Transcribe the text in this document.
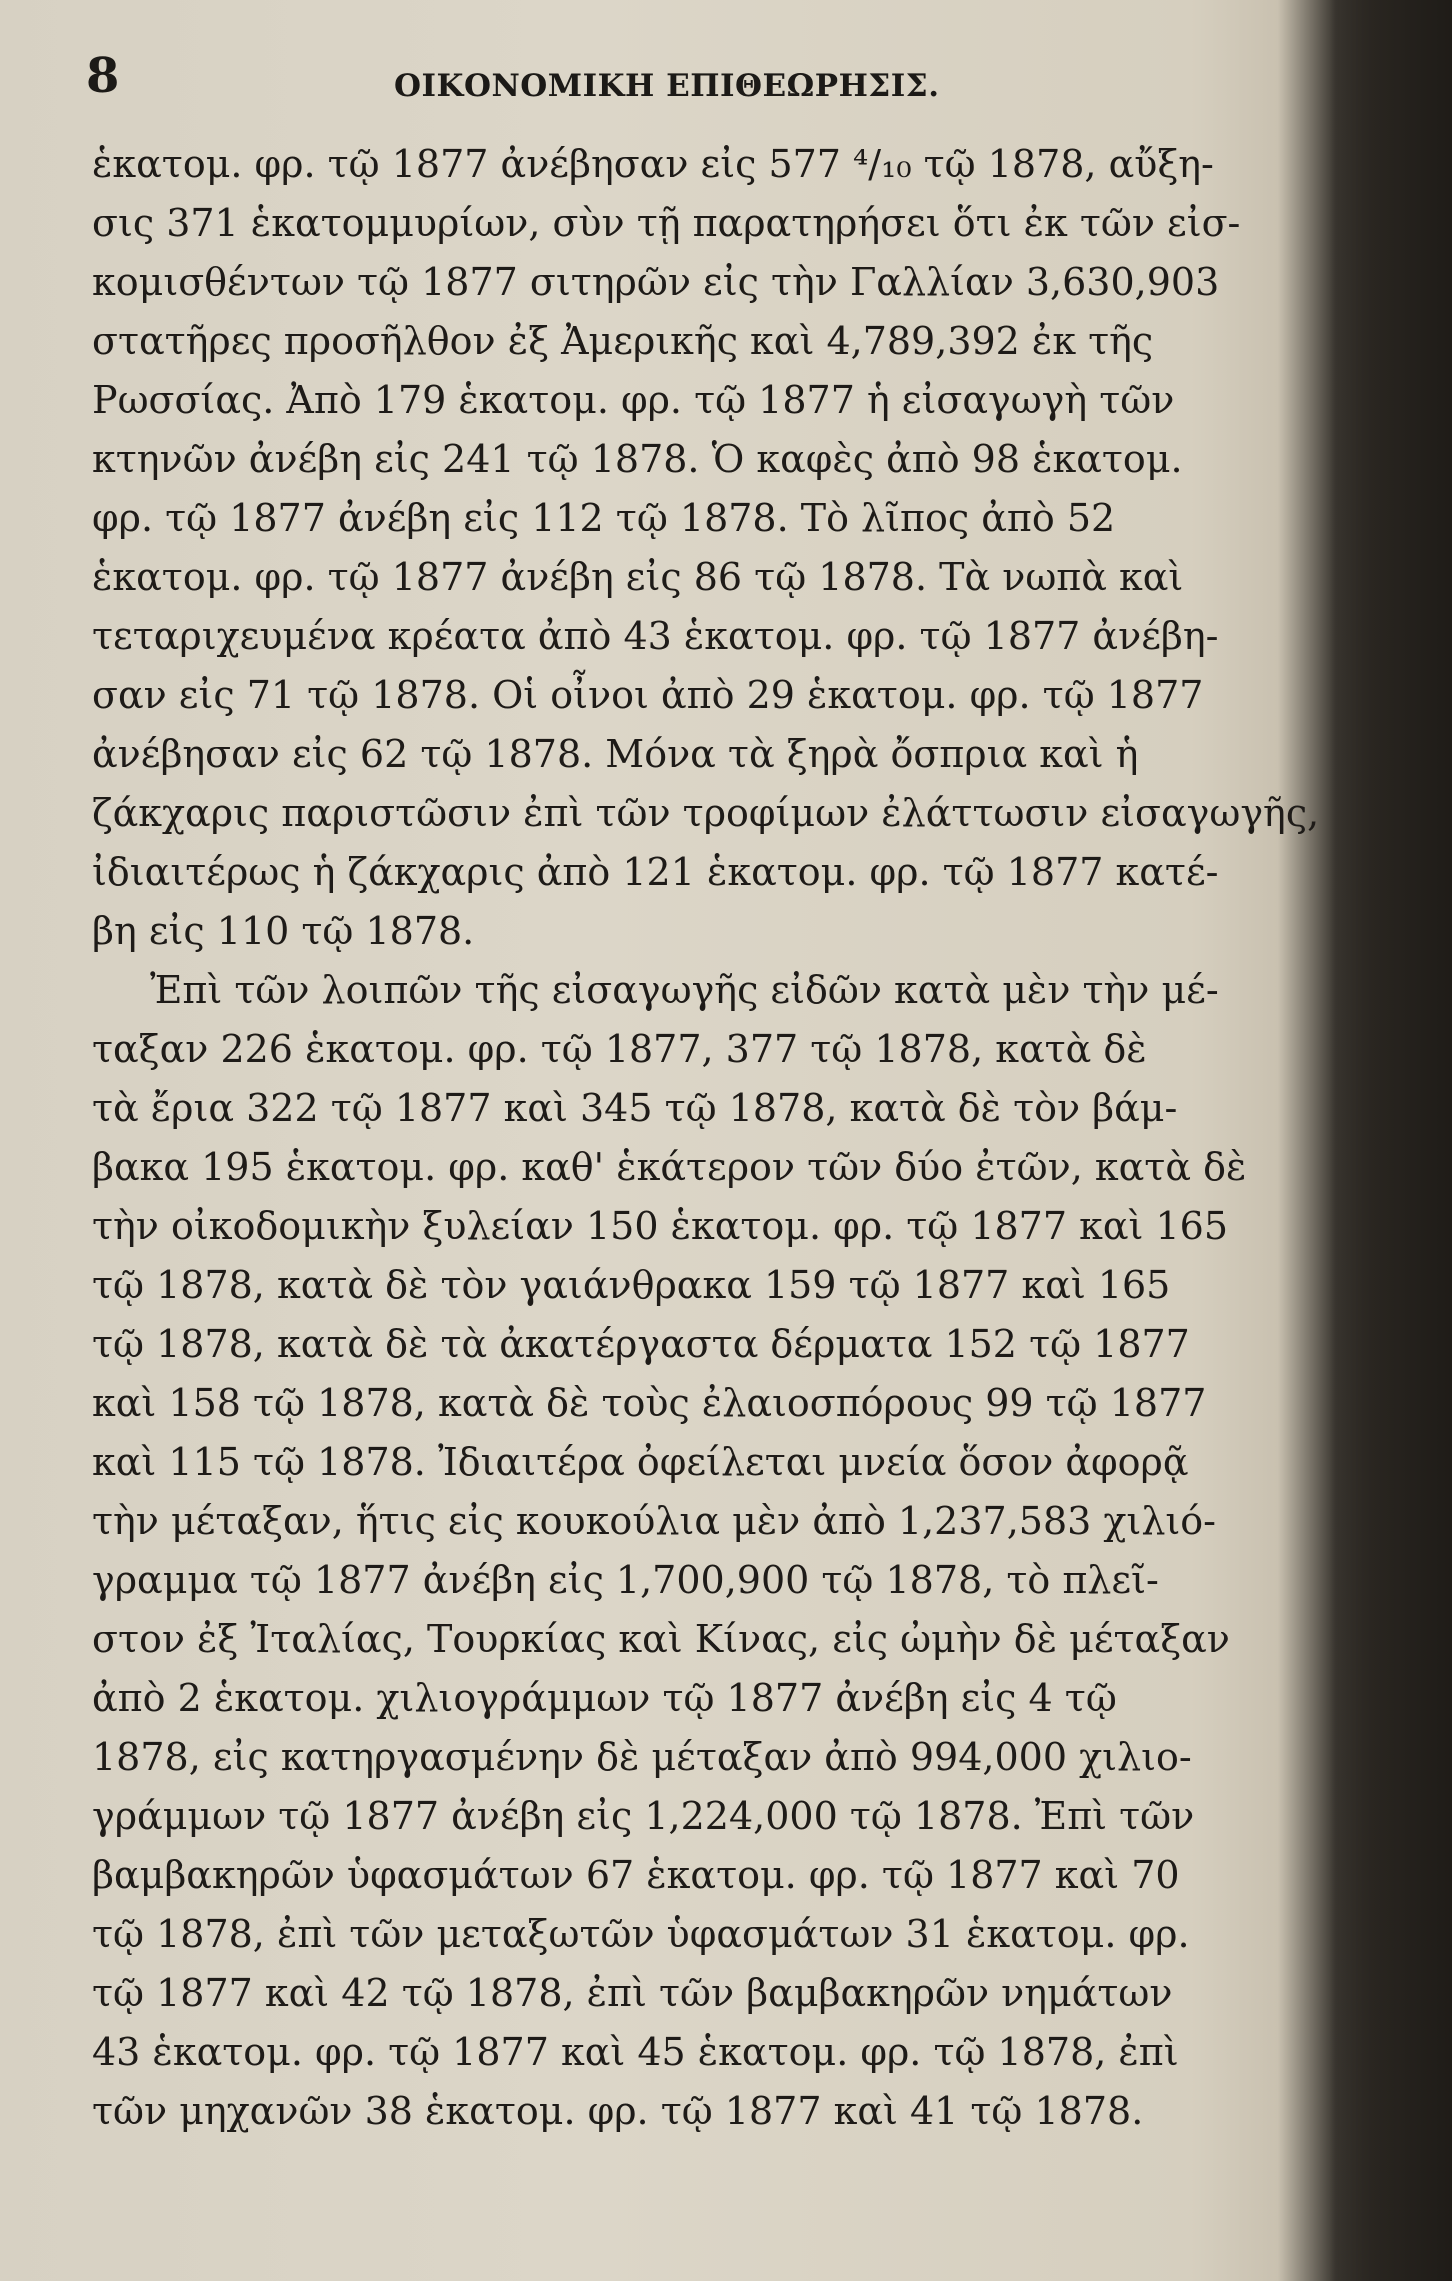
8	ΟΙΚΟΝΟΜΙΚΗ ΕΠΙΘΕΩΡΗΣΙΣ.
ἑκατομ. φρ. τῷ 1877 ἀνέβησαν εἰς 577 ⁴/₁₀ τῷ 1878, αὔξη-
σις 371 ἑκατομμυρίων, σὺν τῇ παρατηρήσει ὅτι ἐκ τῶν εἰσ-
κομισθέντων τῷ 1877 σιτηρῶν εἰς τὴν Γαλλίαν 3,630,903
στατῆρες προσῆλθον ἐξ Ἀμερικῆς καὶ 4,789,392 ἐκ τῆς
Ρωσσίας. Ἀπὸ 179 ἑκατομ. φρ. τῷ 1877 ἡ εἰσαγωγὴ τῶν
κτηνῶν ἀνέβη εἰς 241 τῷ 1878. Ὁ καφὲς ἀπὸ 98 ἑκατομ.
φρ. τῷ 1877 ἀνέβη εἰς 112 τῷ 1878. Τὸ λῖπος ἀπὸ 52
ἑκατομ. φρ. τῷ 1877 ἀνέβη εἰς 86 τῷ 1878. Τὰ νωπὰ καὶ
τεταριχευμένα κρέατα ἀπὸ 43 ἑκατομ. φρ. τῷ 1877 ἀνέβη-
σαν εἰς 71 τῷ 1878. Οἱ οἶνοι ἀπὸ 29 ἑκατομ. φρ. τῷ 1877
ἀνέβησαν εἰς 62 τῷ 1878. Μόνα τὰ ξηρὰ ὄσπρια καὶ ἡ
ζάκχαρις παριστῶσιν ἐπὶ τῶν τροφίμων ἐλάττωσιν εἰσαγωγῆς,
ἰδιαιτέρως ἡ ζάκχαρις ἀπὸ 121 ἑκατομ. φρ. τῷ 1877 κατέ-
βη εἰς 110 τῷ 1878.
Ἐπὶ τῶν λοιπῶν τῆς εἰσαγωγῆς εἰδῶν κατὰ μὲν τὴν μέ-
ταξαν 226 ἑκατομ. φρ. τῷ 1877, 377 τῷ 1878, κατὰ δὲ
τὰ ἔρια 322 τῷ 1877 καὶ 345 τῷ 1878, κατὰ δὲ τὸν βάμ-
βακα 195 ἑκατομ. φρ. καθ' ἑκάτερον τῶν δύο ἐτῶν, κατὰ δὲ
τὴν οἰκοδομικὴν ξυλείαν 150 ἑκατομ. φρ. τῷ 1877 καὶ 165
τῷ 1878, κατὰ δὲ τὸν γαιάνθρακα 159 τῷ 1877 καὶ 165
τῷ 1878, κατὰ δὲ τὰ ἀκατέργαστα δέρματα 152 τῷ 1877
καὶ 158 τῷ 1878, κατὰ δὲ τοὺς ἐλαιοσπόρους 99 τῷ 1877
καὶ 115 τῷ 1878. Ἰδιαιτέρα ὀφείλεται μνεία ὅσον ἀφορᾷ
τὴν μέταξαν, ἥτις εἰς κουκούλια μὲν ἀπὸ 1,237,583 χιλιό-
γραμμα τῷ 1877 ἀνέβη εἰς 1,700,900 τῷ 1878, τὸ πλεῖ-
στον ἐξ Ἰταλίας, Τουρκίας καὶ Κίνας, εἰς ὠμὴν δὲ μέταξαν
ἀπὸ 2 ἑκατομ. χιλιογράμμων τῷ 1877 ἀνέβη εἰς 4 τῷ
1878, εἰς κατηργασμένην δὲ μέταξαν ἀπὸ 994,000 χιλιο-
γράμμων τῷ 1877 ἀνέβη εἰς 1,224,000 τῷ 1878. Ἐπὶ τῶν
βαμβακηρῶν ὑφασμάτων 67 ἑκατομ. φρ. τῷ 1877 καὶ 70
τῷ 1878, ἐπὶ τῶν μεταξωτῶν ὑφασμάτων 31 ἑκατομ. φρ.
τῷ 1877 καὶ 42 τῷ 1878, ἐπὶ τῶν βαμβακηρῶν νημάτων
43 ἑκατομ. φρ. τῷ 1877 καὶ 45 ἑκατομ. φρ. τῷ 1878, ἐπὶ
τῶν μηχανῶν 38 ἑκατομ. φρ. τῷ 1877 καὶ 41 τῷ 1878.
